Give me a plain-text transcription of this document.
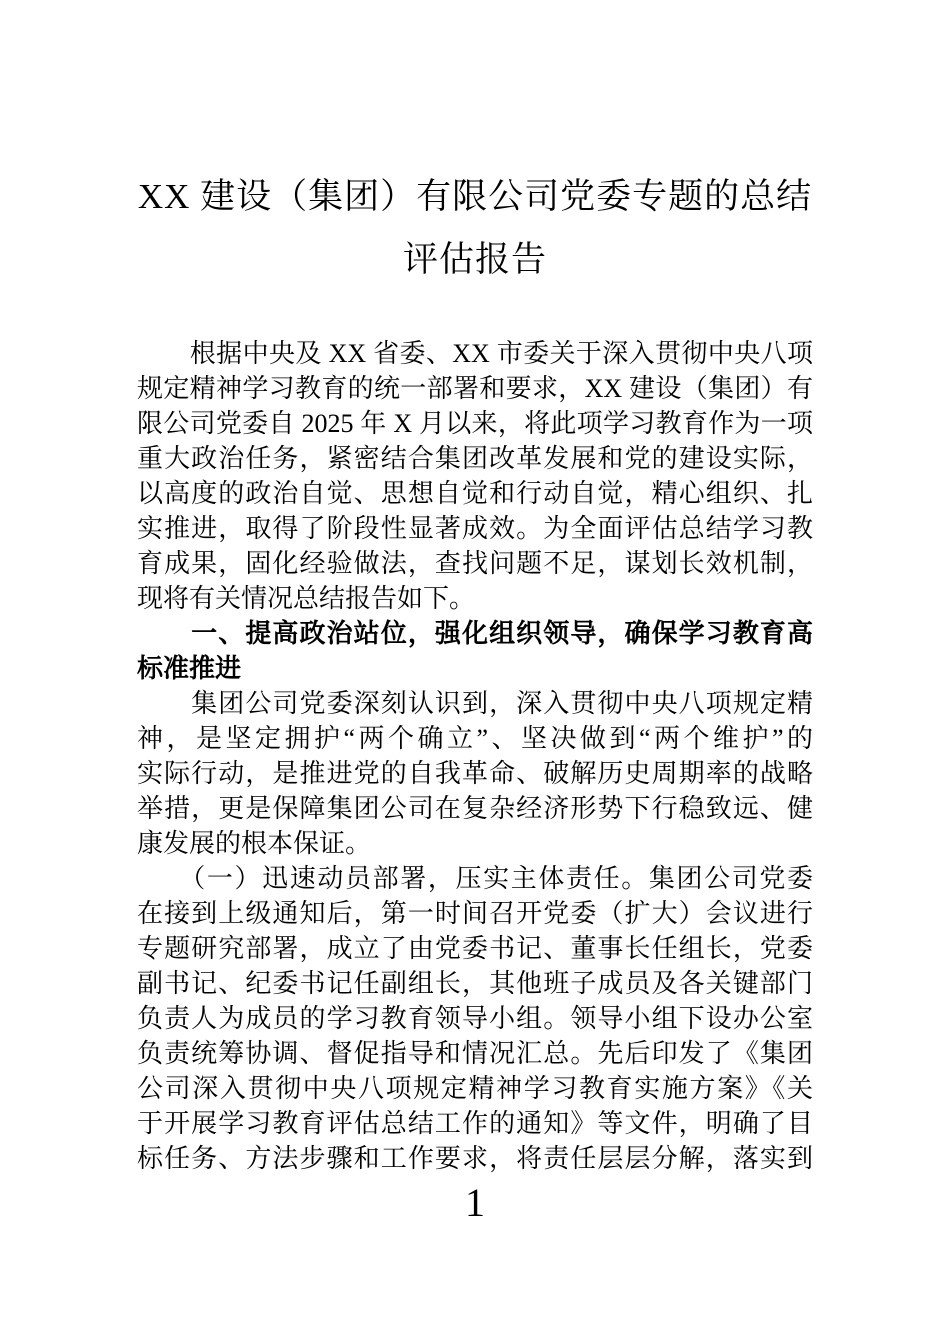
XX 建设（集团）有限公司党委专题的总结
评估报告
　　根据中央及 XX 省委、XX 市委关于深入贯彻中央八项
规定精神学习教育的统一部署和要求，XX 建设（集团）有
限公司党委自 2025 年 X 月以来，将此项学习教育作为一项
重大政治任务，紧密结合集团改革发展和党的建设实际，
以高度的政治自觉、思想自觉和行动自觉，精心组织、扎
实推进，取得了阶段性显著成效。为全面评估总结学习教
育成果，固化经验做法，查找问题不足，谋划长效机制，
现将有关情况总结报告如下。
　　一、提高政治站位，强化组织领导，确保学习教育高
标准推进
　　集团公司党委深刻认识到，深入贯彻中央八项规定精
神，是坚定拥护“两个确立”、坚决做到“两个维护”的
实际行动，是推进党的自我革命、破解历史周期率的战略
举措，更是保障集团公司在复杂经济形势下行稳致远、健
康发展的根本保证。
　　（一）迅速动员部署，压实主体责任。集团公司党委
在接到上级通知后，第一时间召开党委（扩大）会议进行
专题研究部署，成立了由党委书记、董事长任组长，党委
副书记、纪委书记任副组长，其他班子成员及各关键部门
负责人为成员的学习教育领导小组。领导小组下设办公室
负责统筹协调、督促指导和情况汇总。先后印发了《集团
公司深入贯彻中央八项规定精神学习教育实施方案》《关
于开展学习教育评估总结工作的通知》等文件，明确了目
标任务、方法步骤和工作要求，将责任层层分解，落实到
1
